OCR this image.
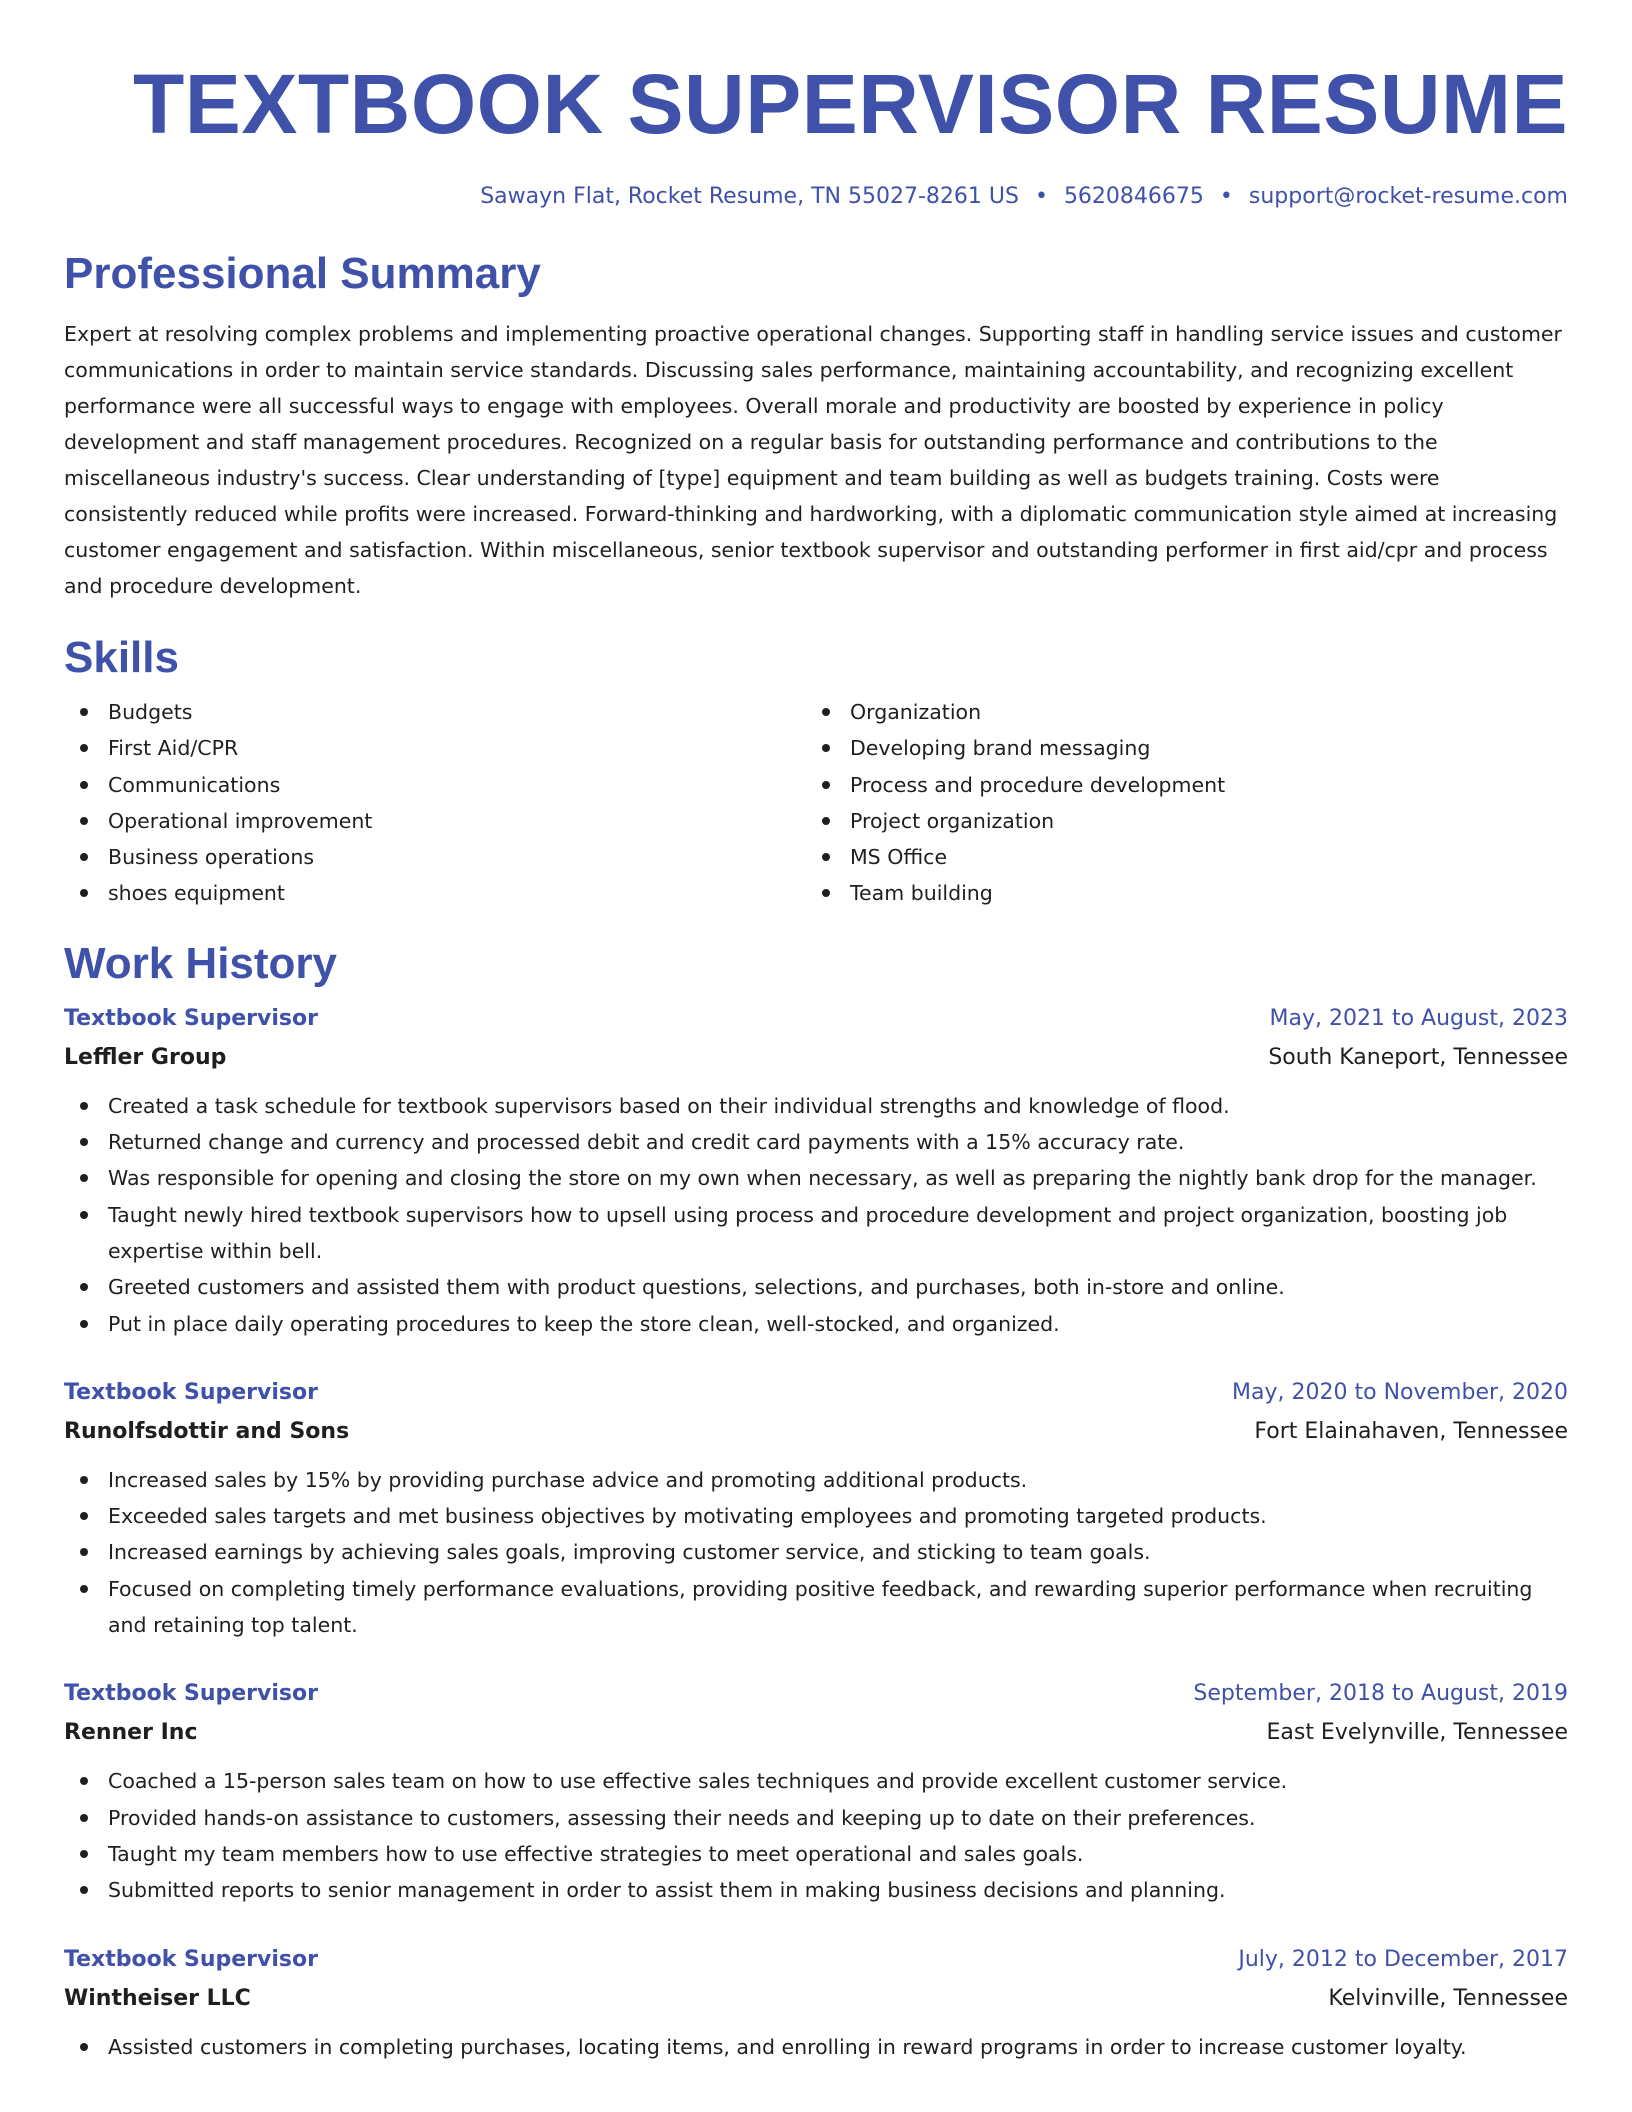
TEXTBOOK SUPERVISOR RESUME
Sawayn Flat, Rocket Resume, TN 55027-8261 US • 5620846675 • support@rocket-resume.com
Professional Summary

Expert at resolving complex problems and implementing proactive operational changes. Supporting staff in handling service issues and customer communications in order to maintain service standards. Discussing sales performance, maintaining accountability, and recognizing excellent performance were all successful ways to engage with employees. Overall morale and productivity are boosted by experience in policy development and staff management procedures. Recognized on a regular basis for outstanding performance and contributions to the miscellaneous industry's success. Clear understanding of [type] equipment and team building as well as budgets training. Costs were consistently reduced while profits were increased. Forward-thinking and hardworking, with a diplomatic communication style aimed at increasing customer engagement and satisfaction. Within miscellaneous, senior textbook supervisor and outstanding performer in first aid/cpr and process and procedure development.

Skills
Budgets
First Aid/CPR
Communications
Operational improvement
Business operations
shoes equipment
Organization
Developing brand messaging
Process and procedure development
Project organization
MS Office
Team building
Work History
Textbook Supervisor	May, 2021 to August, 2023
Leffler Group	South Kaneport, Tennessee
Created a task schedule for textbook supervisors based on their individual strengths and knowledge of flood.
Returned change and currency and processed debit and credit card payments with a 15% accuracy rate.
Was responsible for opening and closing the store on my own when necessary, as well as preparing the nightly bank drop for the manager.
Taught newly hired textbook supervisors how to upsell using process and procedure development and project organization, boosting job expertise within bell.
Greeted customers and assisted them with product questions, selections, and purchases, both in-store and online.
Put in place daily operating procedures to keep the store clean, well-stocked, and organized.
Textbook Supervisor	May, 2020 to November, 2020
Runolfsdottir and Sons	Fort Elainahaven, Tennessee
Increased sales by 15% by providing purchase advice and promoting additional products.
Exceeded sales targets and met business objectives by motivating employees and promoting targeted products.
Increased earnings by achieving sales goals, improving customer service, and sticking to team goals.
Focused on completing timely performance evaluations, providing positive feedback, and rewarding superior performance when recruiting and retaining top talent.
Textbook Supervisor	September, 2018 to August, 2019
Renner Inc	East Evelynville, Tennessee
Coached a 15-person sales team on how to use effective sales techniques and provide excellent customer service.
Provided hands-on assistance to customers, assessing their needs and keeping up to date on their preferences.
Taught my team members how to use effective strategies to meet operational and sales goals.
Submitted reports to senior management in order to assist them in making business decisions and planning.
Textbook Supervisor	July, 2012 to December, 2017
Wintheiser LLC	Kelvinville, Tennessee
Assisted customers in completing purchases, locating items, and enrolling in reward programs in order to increase customer loyalty.
